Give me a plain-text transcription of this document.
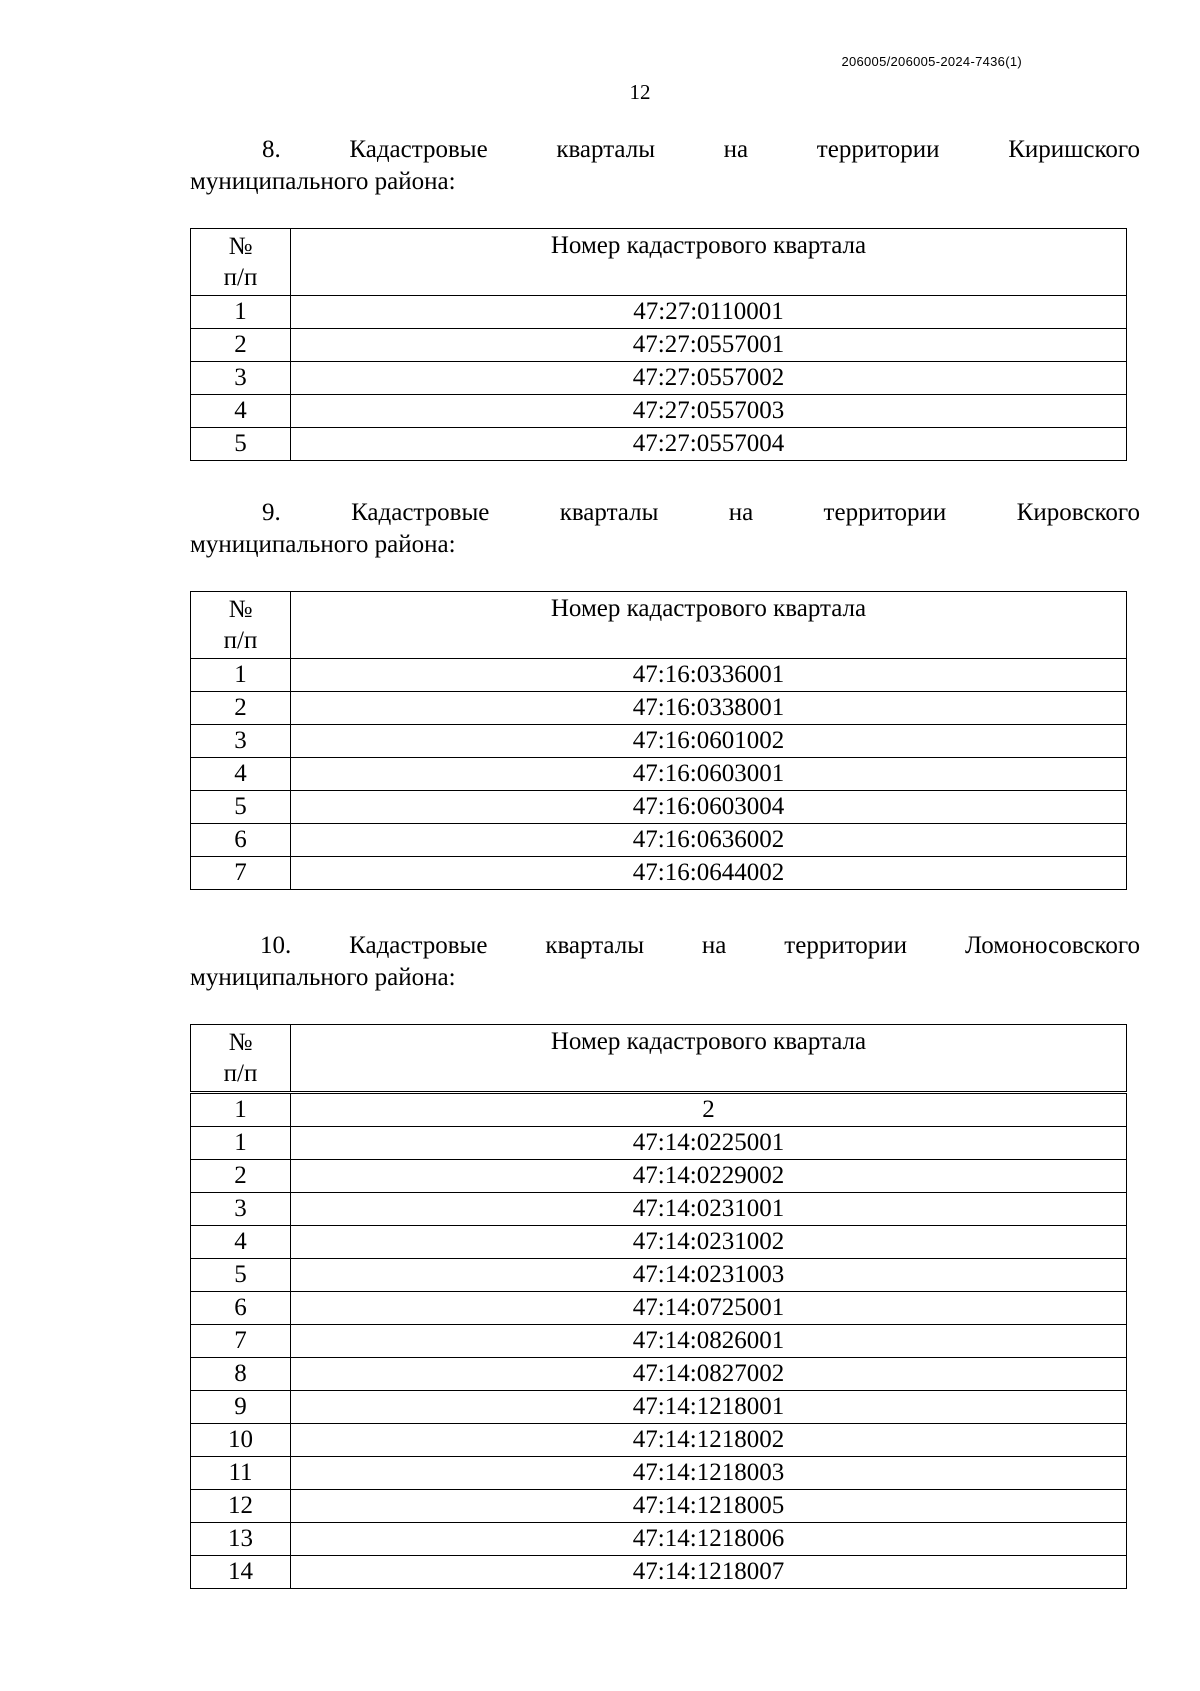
206005/206005-2024-7436(1)
12
8.	Кадастровые	кварталы	на	территории	Киришского
муниципального района:
№
п/п	Номер кадастрового квартала
1	47:27:0110001
2	47:27:0557001
3	47:27:0557002
4	47:27:0557003
5	47:27:0557004
9.	Кадастровые	кварталы	на	территории	Кировского
муниципального района:
№
п/п	Номер кадастрового квартала
1	47:16:0336001
2	47:16:0338001
3	47:16:0601002
4	47:16:0603001
5	47:16:0603004
6	47:16:0636002
7	47:16:0644002
10. Кадастровые кварталы на территории Ломоносовского
муниципального района:
№
п/п	Номер кадастрового квартала
1	2
1	47:14:0225001
2	47:14:0229002
3	47:14:0231001
4	47:14:0231002
5	47:14:0231003
6	47:14:0725001
7	47:14:0826001
8	47:14:0827002
9	47:14:1218001
10	47:14:1218002
11	47:14:1218003
12	47:14:1218005
13	47:14:1218006
14	47:14:1218007
